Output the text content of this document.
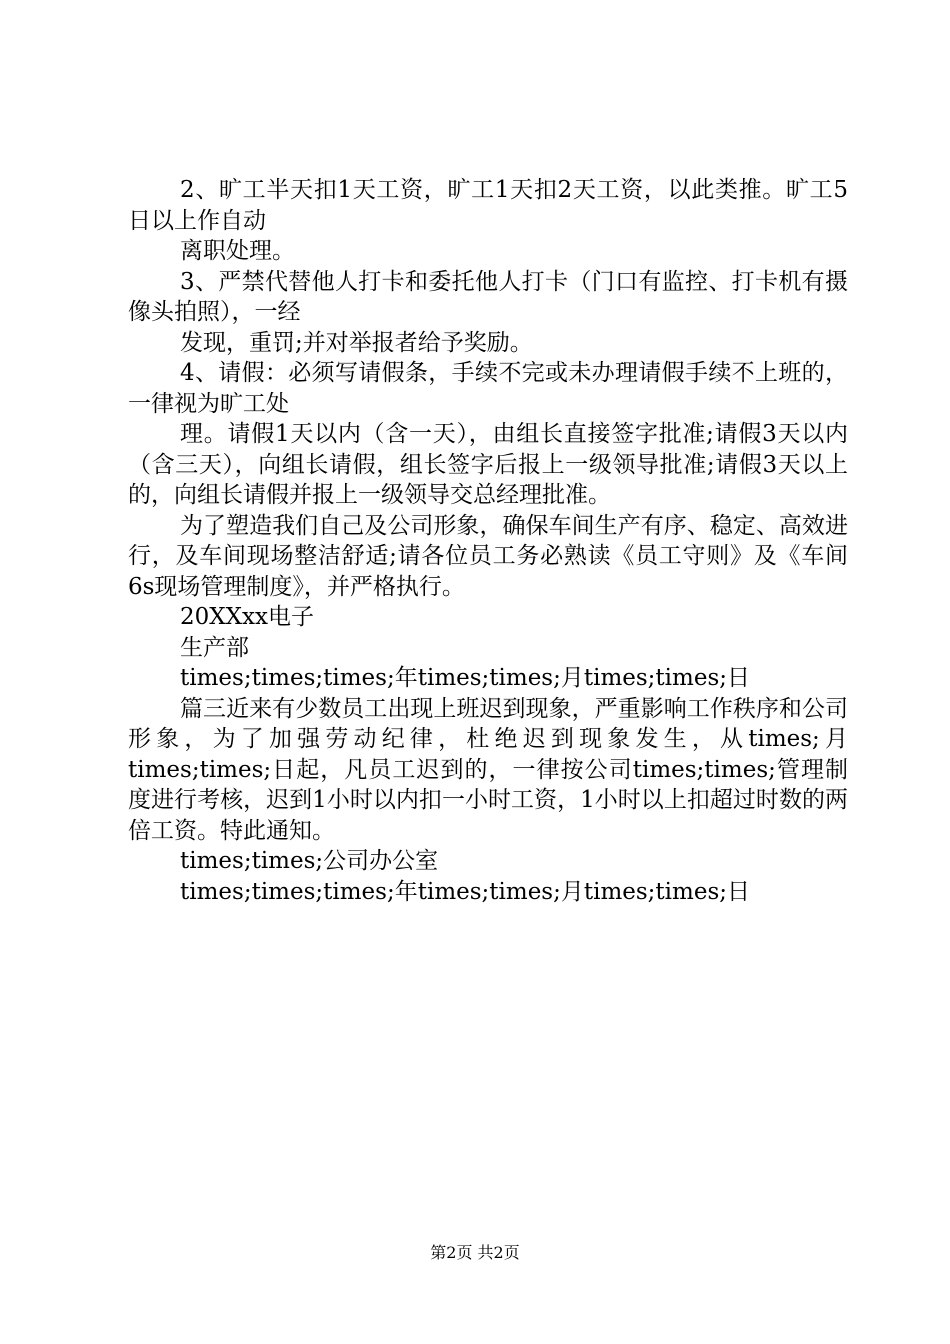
2、旷工半天扣1天工资，旷工1天扣2天工资，以此类推。旷工5日以上作自动

离职处理。

3、严禁代替他人打卡和委托他人打卡（门口有监控、打卡机有摄像头拍照），一经

发现，重罚;并对举报者给予奖励。

4、请假：必须写请假条，手续不完或未办理请假手续不上班的，一律视为旷工处

理。请假1天以内（含一天），由组长直接签字批准;请假3天以内（含三天），向组长请假，组长签字后报上一级领导批准;请假3天以上的，向组长请假并报上一级领导交总经理批准。

为了塑造我们自己及公司形象，确保车间生产有序、稳定、高效进行，及车间现场整洁舒适;请各位员工务必熟读《员工守则》及《车间6s现场管理制度》，并严格执行。

20XXxx电子

生产部

times;times;times;年times;times;月times;times;日

篇三近来有少数员工出现上班迟到现象，严重影响工作秩序和公司形象，为了加强劳动纪律，杜绝迟到现象发生，从times;月times;times;日起，凡员工迟到的，一律按公司times;times;管理制度进行考核，迟到1小时以内扣一小时工资，1小时以上扣超过时数的两倍工资。特此通知。

times;times;公司办公室

times;times;times;年times;times;月times;times;日

第2页 共2页
